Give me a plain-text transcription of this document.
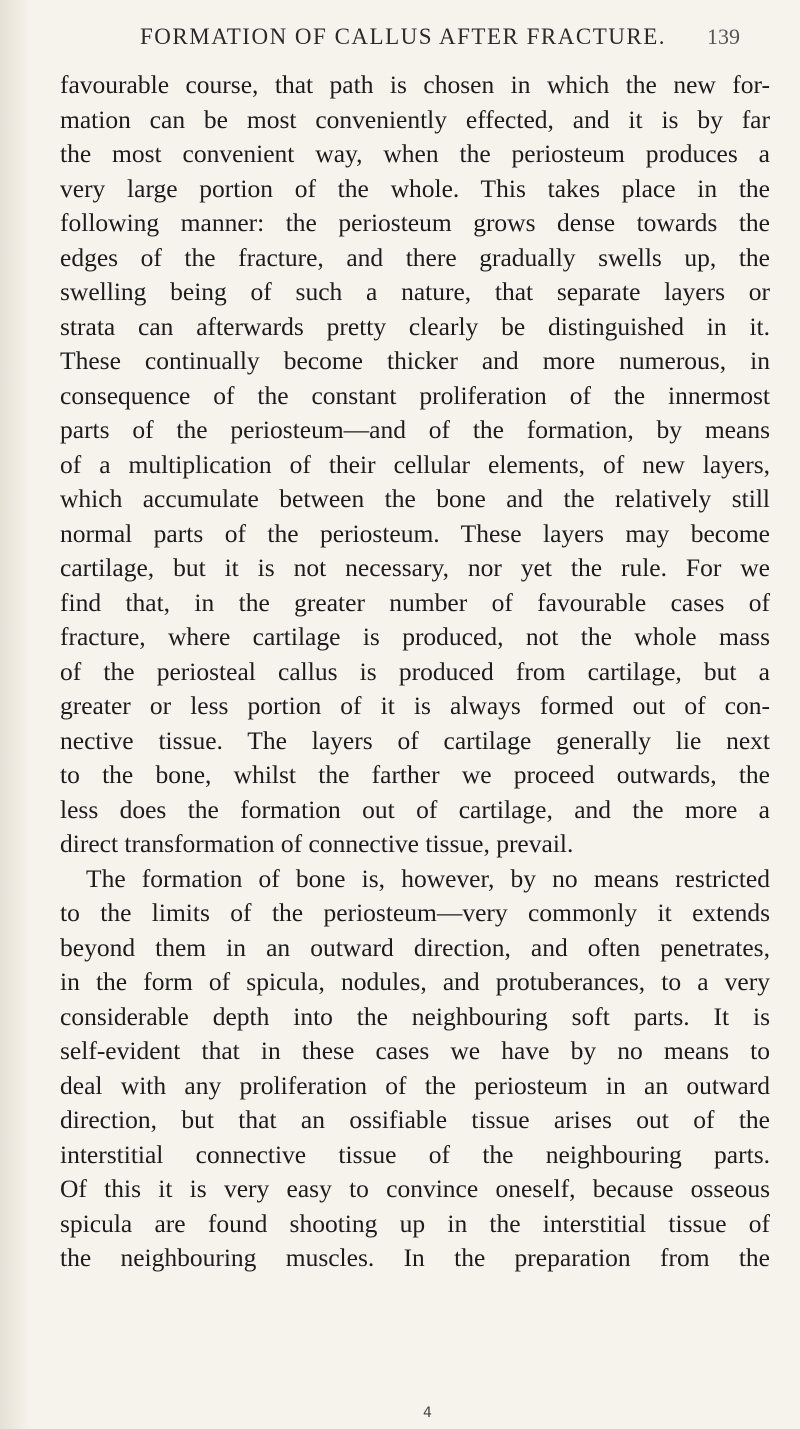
FORMATION OF CALLUS AFTER FRACTURE. 139
favourable course, that path is chosen in which the new for-
mation can be most conveniently effected, and it is by far
the most convenient way, when the periosteum produces a
very large portion of the whole. This takes place in the
following manner: the periosteum grows dense towards the
edges of the fracture, and there gradually swells up, the
swelling being of such a nature, that separate layers or
strata can afterwards pretty clearly be distinguished in it.
These continually become thicker and more numerous, in
consequence of the constant proliferation of the innermost
parts of the periosteum—and of the formation, by means
of a multiplication of their cellular elements, of new layers,
which accumulate between the bone and the relatively still
normal parts of the periosteum. These layers may become
cartilage, but it is not necessary, nor yet the rule. For we
find that, in the greater number of favourable cases of
fracture, where cartilage is produced, not the whole mass
of the periosteal callus is produced from cartilage, but a
greater or less portion of it is always formed out of con-
nective tissue. The layers of cartilage generally lie next
to the bone, whilst the farther we proceed outwards, the
less does the formation out of cartilage, and the more a
direct transformation of connective tissue, prevail.
The formation of bone is, however, by no means restricted
to the limits of the periosteum—very commonly it extends
beyond them in an outward direction, and often penetrates,
in the form of spicula, nodules, and protuberances, to a very
considerable depth into the neighbouring soft parts. It is
self-evident that in these cases we have by no means to
deal with any proliferation of the periosteum in an outward
direction, but that an ossifiable tissue arises out of the
interstitial connective tissue of the neighbouring parts.
Of this it is very easy to convince oneself, because osseous
spicula are found shooting up in the interstitial tissue of
the neighbouring muscles. In the preparation from the
4
